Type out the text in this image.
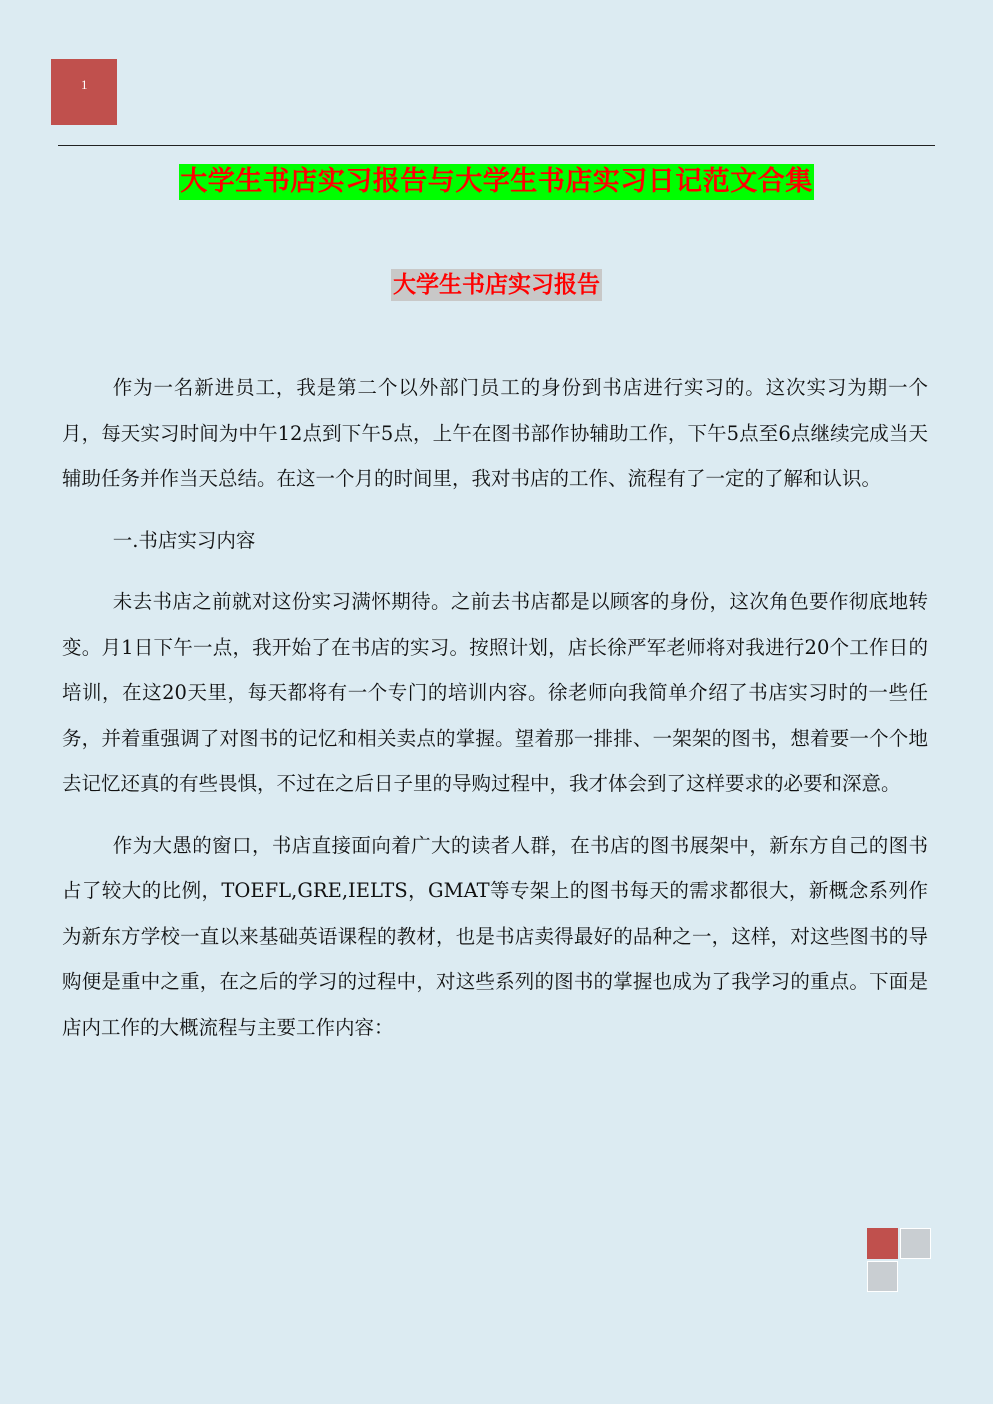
1
大学生书店实习报告与大学生书店实习日记范文合集
大学生书店实习报告

作为一名新进员工，我是第二个以外部门员工的身份到书店进行实习的。这次实习为期一个月，每天实习时间为中午12点到下午5点，上午在图书部作协辅助工作，下午5点至6点继续完成当天辅助任务并作当天总结。在这一个月的时间里，我对书店的工作、流程有了一定的了解和认识。

一.书店实习内容

未去书店之前就对这份实习满怀期待。之前去书店都是以顾客的身份，这次角色要作彻底地转变。月1日下午一点，我开始了在书店的实习。按照计划，店长徐严军老师将对我进行20个工作日的培训，在这20天里，每天都将有一个专门的培训内容。徐老师向我简单介绍了书店实习时的一些任务，并着重强调了对图书的记忆和相关卖点的掌握。望着那一排排、一架架的图书，想着要一个个地去记忆还真的有些畏惧，不过在之后日子里的导购过程中，我才体会到了这样要求的必要和深意。

作为大愚的窗口，书店直接面向着广大的读者人群，在书店的图书展架中，新东方自己的图书占了较大的比例，TOEFL,GRE,IELTS，GMAT等专架上的图书每天的需求都很大，新概念系列作为新东方学校一直以来基础英语课程的教材，也是书店卖得最好的品种之一，这样，对这些图书的导购便是重中之重，在之后的学习的过程中，对这些系列的图书的掌握也成为了我学习的重点。下面是店内工作的大概流程与主要工作内容：
